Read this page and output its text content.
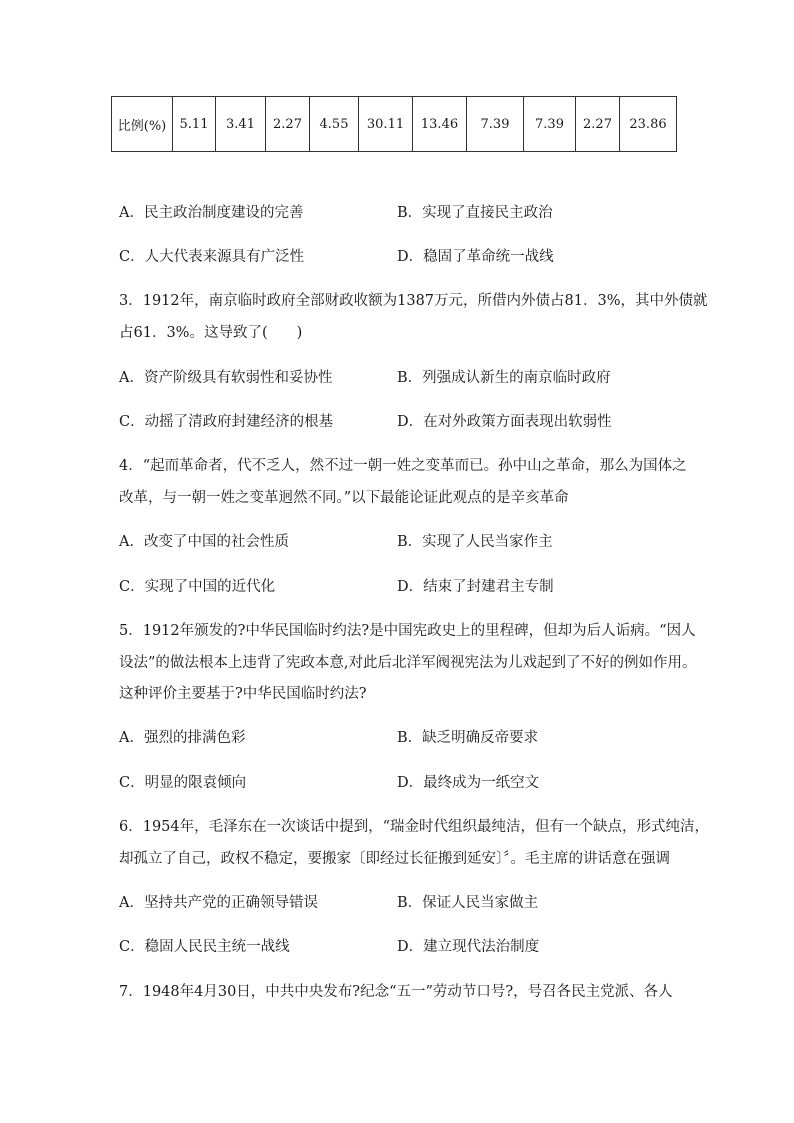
比例(%)	5.11	3.41	2.27	4.55	30.11	13.46	7.39	7.39	2.27	23.86
A．民主政治制度建设的完善	B．实现了直接民主政治
C．人大代表来源具有广泛性	D．稳固了革命统一战线
3．1912年，南京临时政府全部财政收额为1387万元，所借内外债占81．3%，其中外债就
占61．3%。这导致了(　　)
A．资产阶级具有软弱性和妥协性	B．列强成认新生的南京临时政府
C．动摇了清政府封建经济的根基	D．在对外政策方面表现出软弱性
4．“起而革命者，代不乏人，然不过一朝一姓之变革而已。孙中山之革命，那么为国体之
改革，与一朝一姓之变革迥然不同。”以下最能论证此观点的是辛亥革命
A．改变了中国的社会性质	B．实现了人民当家作主
C．实现了中国的近代化	D．结束了封建君主专制
5．1912年颁发的?中华民国临时约法?是中国宪政史上的里程碑，但却为后人诟病。“因人
设法”的做法根本上违背了宪政本意,对此后北洋军阀视宪法为儿戏起到了不好的例如作用。
这种评价主要基于?中华民国临时约法?
A．强烈的排满色彩	B．缺乏明确反帝要求
C．明显的限袁倾向	D．最终成为一纸空文
6．1954年，毛泽东在一次谈话中提到，“瑞金时代组织最纯洁，但有一个缺点，形式纯洁，
却孤立了自己，政权不稳定，要搬家〔即经过长征搬到延安〕〞。毛主席的讲话意在强调
A．坚持共产党的正确领导错误	B．保证人民当家做主
C．稳固人民民主统一战线	D．建立现代法治制度
7．1948年4月30日，中共中央发布?纪念“五一”劳动节口号?，号召各民主党派、各人
